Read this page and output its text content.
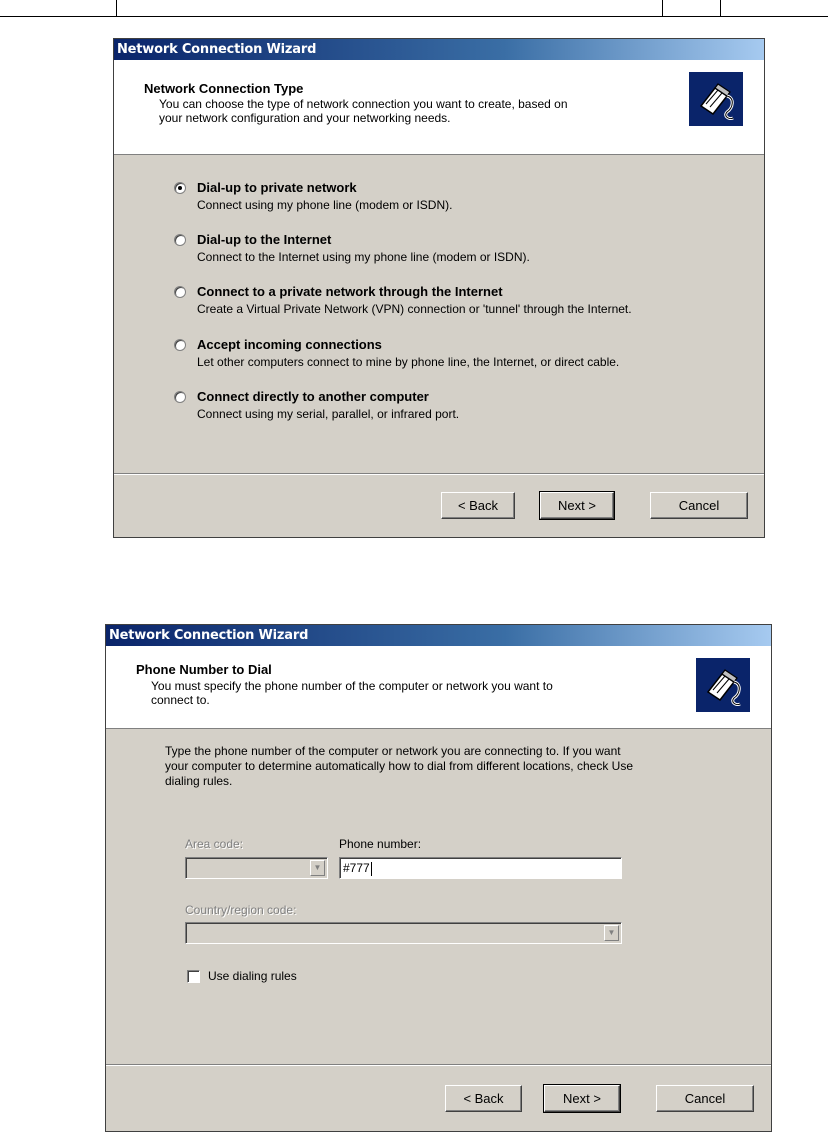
Network Connection Wizard
Network Connection Type
You can choose the type of network connection you want to create, based on
your network configuration and your networking needs.
Dial-up to private network
Connect using my phone line (modem or ISDN).
Dial-up to the Internet
Connect to the Internet using my phone line (modem or ISDN).
Connect to a private network through the Internet
Create a Virtual Private Network (VPN) connection or 'tunnel' through the Internet.
Accept incoming connections
Let other computers connect to mine by phone line, the Internet, or direct cable.
Connect directly to another computer
Connect using my serial, parallel, or infrared port.
< Back	Next >	Cancel
Network Connection Wizard
Phone Number to Dial
You must specify the phone number of the computer or network you want to
connect to.
Type the phone number of the computer or network you are connecting to. If you want
your computer to determine automatically how to dial from different locations, check Use
dialing rules.
Area code:
▼
Phone number:
#777
Country/region code:
▼
Use dialing rules
< Back	Next >	Cancel
